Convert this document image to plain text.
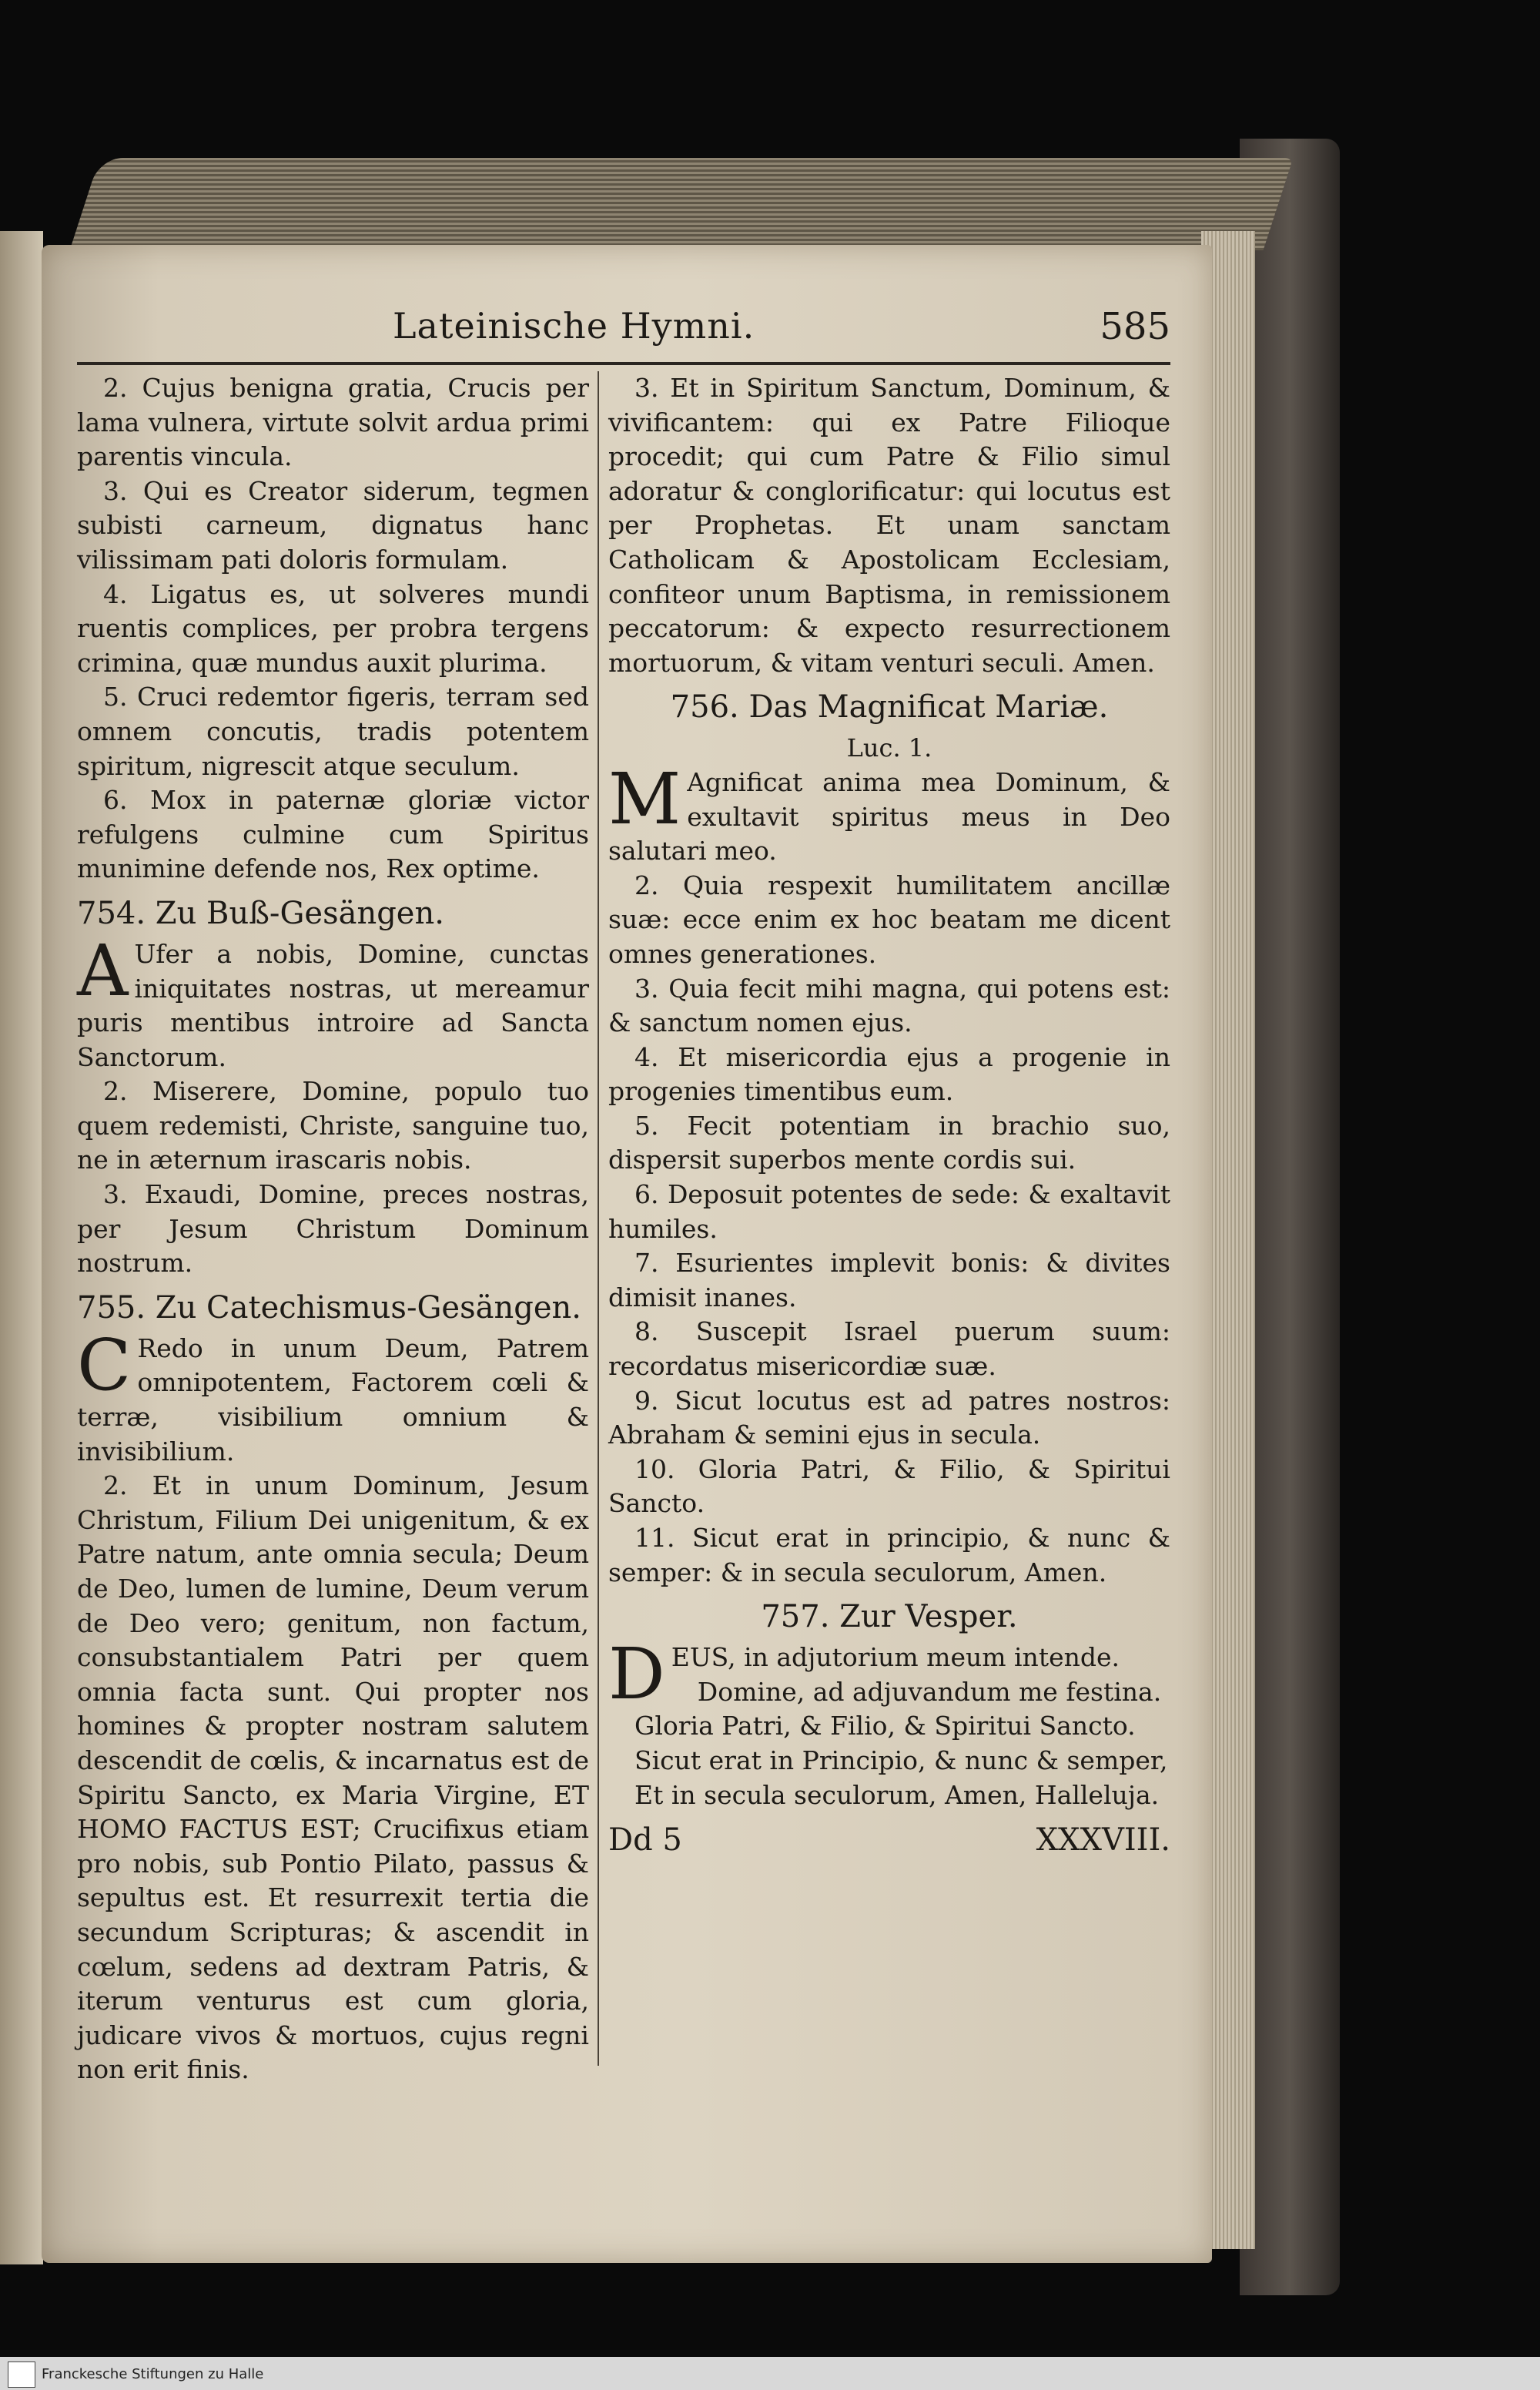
Lateinische Hymni.	585

2. Cujus benigna gratia, Crucis per lama vulnera, virtute solvit ardua primi parentis vincula.

3. Qui es Creator siderum, tegmen subisti carneum, dignatus hanc vilissimam pati doloris formulam.

4. Ligatus es, ut solveres mundi ruentis complices, per probra tergens crimina, quæ mundus auxit plurima.

5. Cruci redemtor figeris, terram sed omnem concutis, tradis potentem spiritum, nigrescit atque seculum.

6. Mox in paternæ gloriæ victor refulgens culmine cum Spiritus munimine defende nos, Rex optime.

754. Zu Buß-Gesängen.

AUfer a nobis, Domine, cunctas iniquitates nostras, ut mereamur puris mentibus introire ad Sancta Sanctorum.

2. Miserere, Domine, populo tuo quem redemisti, Christe, sanguine tuo, ne in æternum irascaris nobis.

3. Exaudi, Domine, preces nostras, per Jesum Christum Dominum nostrum.

755. Zu Catechismus-Gesängen.

CRedo in unum Deum, Patrem omnipotentem, Factorem cœli & terræ, visibilium omnium & invisibilium.

2. Et in unum Dominum, Jesum Christum, Filium Dei unigenitum, & ex Patre natum, ante omnia secula; Deum de Deo, lumen de lumine, Deum verum de Deo vero; genitum, non factum, consubstantialem Patri per quem omnia facta sunt. Qui propter nos homines & propter nostram salutem descendit de cœlis, & incarnatus est de Spiritu Sancto, ex Maria Virgine, ET HOMO FACTUS EST; Crucifixus etiam pro nobis, sub Pontio Pilato, passus & sepultus est. Et resurrexit tertia die secundum Scripturas; & ascendit in cœlum, sedens ad dextram Patris, & iterum venturus est cum gloria, judicare vivos & mortuos, cujus regni non erit finis.

3. Et in Spiritum Sanctum, Dominum, & vivificantem: qui ex Patre Filioque procedit; qui cum Patre & Filio simul adoratur & conglorificatur: qui locutus est per Prophetas. Et unam sanctam Catholicam & Apostolicam Ecclesiam, confiteor unum Baptisma, in remissionem peccatorum: & expecto resurrectionem mortuorum, & vitam venturi seculi. Amen.

756. Das Magnificat Mariæ.

Luc. 1.

MAgnificat anima mea Dominum, & exultavit spiritus meus in Deo salutari meo.

2. Quia respexit humilitatem ancillæ suæ: ecce enim ex hoc beatam me dicent omnes generationes.

3. Quia fecit mihi magna, qui potens est: & sanctum nomen ejus.

4. Et misericordia ejus a progenie in progenies timentibus eum.

5. Fecit potentiam in brachio suo, dispersit superbos mente cordis sui.

6. Deposuit potentes de sede: & exaltavit humiles.

7. Esurientes implevit bonis: & divites dimisit inanes.

8. Suscepit Israel puerum suum: recordatus misericordiæ suæ.

9. Sicut locutus est ad patres nostros: Abraham & semini ejus in secula.

10. Gloria Patri, & Filio, & Spiritui Sancto.

11. Sicut erat in principio, & nunc & semper: & in secula seculorum, Amen.

757. Zur Vesper.

DEUS, in adjutorium meum intende.

Domine, ad adjuvandum me festina.

Gloria Patri, & Filio, & Spiritui Sancto.

Sicut erat in Principio, & nunc & semper,

Et in secula seculorum, Amen, Halleluja.

Dd 5	XXXVIII.
Franckesche Stiftungen zu Halle
